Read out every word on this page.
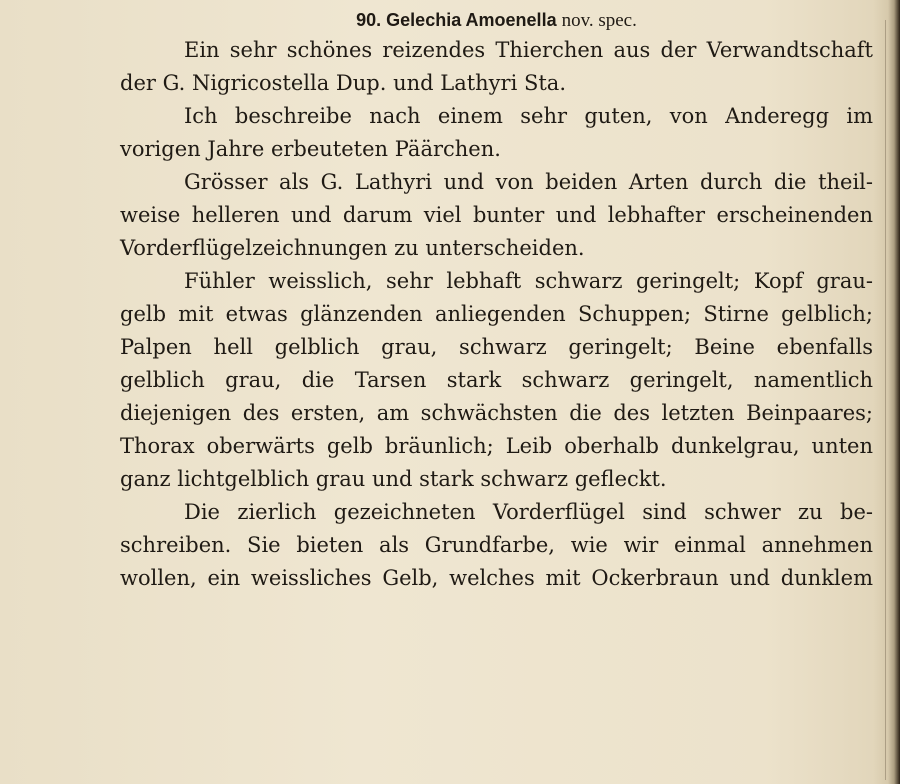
90. Gelechia Amoenella nov. spec.
Ein sehr schönes reizendes Thierchen aus der Verwandtschaft
der G. Nigricostella Dup. und Lathyri Sta.
Ich beschreibe nach einem sehr guten, von Anderegg im
vorigen Jahre erbeuteten Päärchen.
Grösser als G. Lathyri und von beiden Arten durch die theil-
weise helleren und darum viel bunter und lebhafter erscheinenden
Vorderflügelzeichnungen zu unterscheiden.
Fühler weisslich, sehr lebhaft schwarz geringelt; Kopf grau-
gelb mit etwas glänzenden anliegenden Schuppen; Stirne gelblich;
Palpen hell gelblich grau, schwarz geringelt; Beine ebenfalls
gelblich grau, die Tarsen stark schwarz geringelt, namentlich
diejenigen des ersten, am schwächsten die des letzten Beinpaares;
Thorax oberwärts gelb bräunlich; Leib oberhalb dunkelgrau, unten
ganz lichtgelblich grau und stark schwarz gefleckt.
Die zierlich gezeichneten Vorderflügel sind schwer zu be-
schreiben. Sie bieten als Grundfarbe, wie wir einmal annehmen
wollen, ein weissliches Gelb, welches mit Ockerbraun und dunklem
